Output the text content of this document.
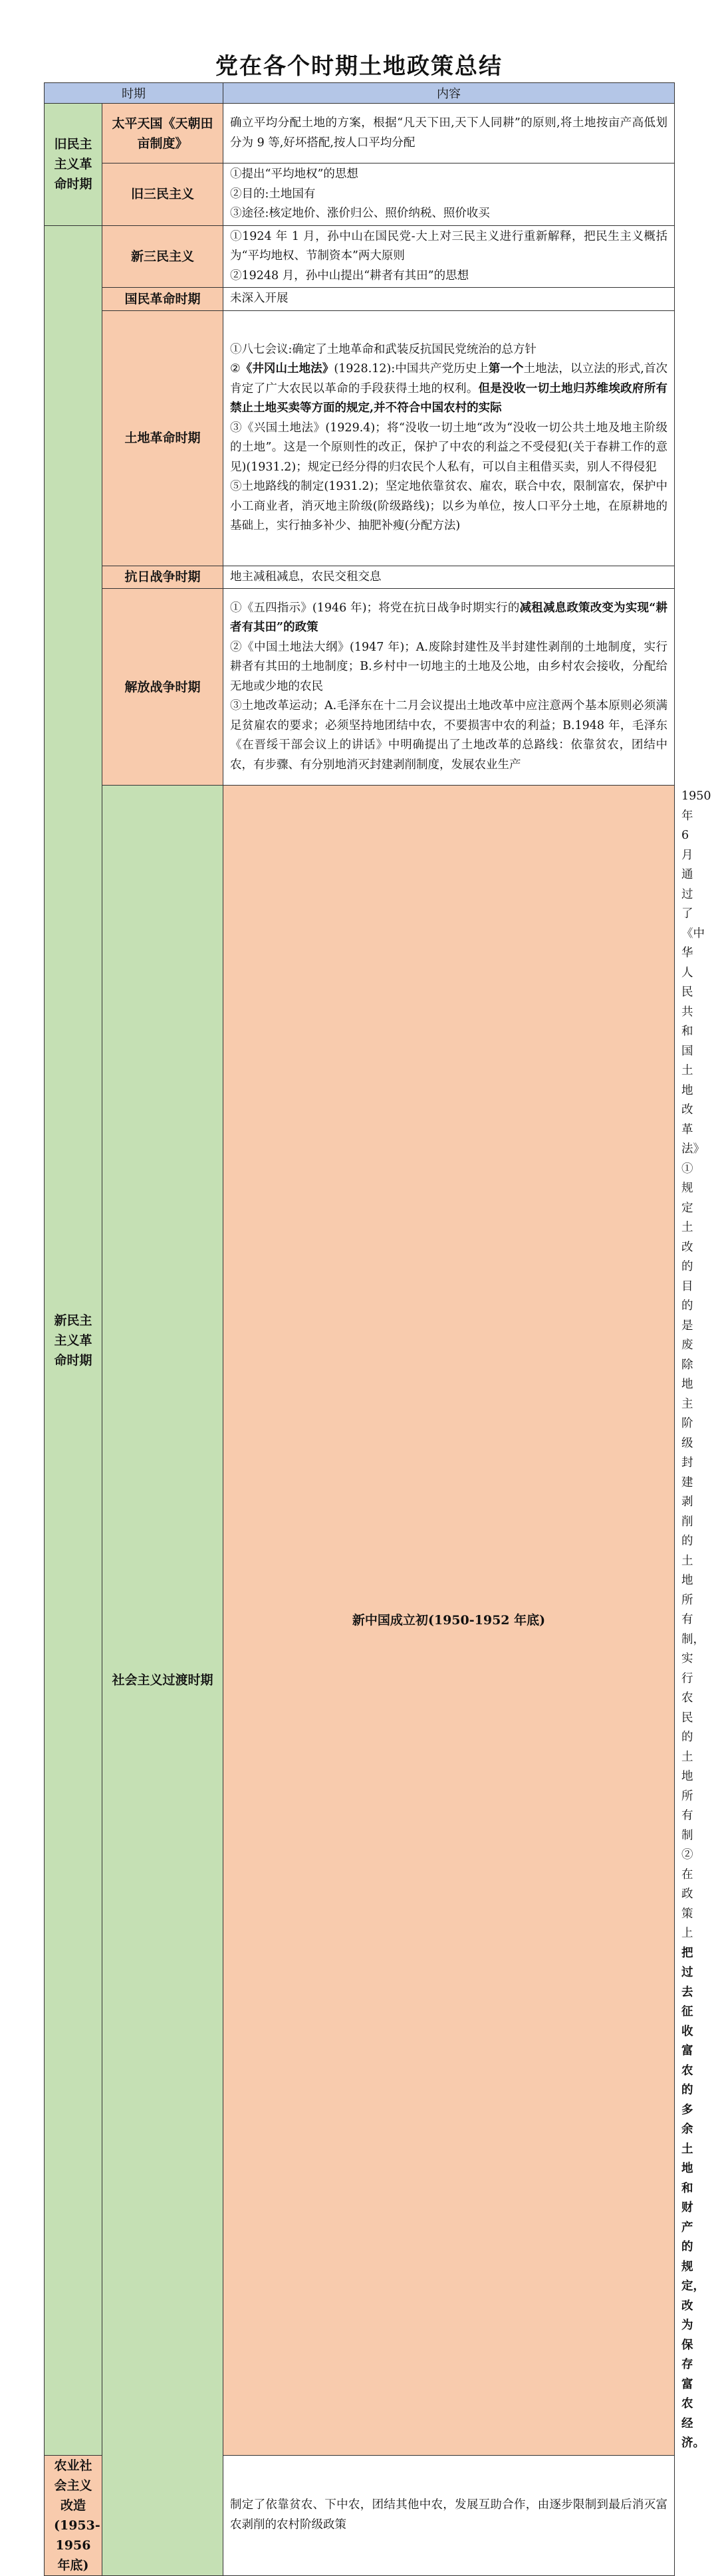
党在各个时期土地政策总结
时期		内容	
旧民主主义革命时期	太平天国《天朝田亩制度》	确立平均分配土地的方案，根据“凡天下田,天下人同耕”的原则,将土地按亩产高低划分为 9 等,好坏搭配,按人口平均分配	

	旧三民主义	①提出“平均地权”的思想

②目的:土地国有

③途径:核定地价、涨价归公、照价纳税、照价收买	

新民主主义革命时期	新三民主义	①1924 年 1 月，孙中山在国民党-大上对三民主义进行重新解释，把民生主义概括为“平均地权、节制资本”两大原则

②19248 月，孙中山提出“耕者有其田”的思想	

	国民革命时期	未深入开展	

	土地革命时期	①八七会议:确定了土地革命和武装反抗国民党统治的总方针

②《井冈山土地法》(1928.12):中国共产党历史上第一个土地法，以立法的形式,首次肯定了广大农民以革命的手段获得土地的权利。但是没收一切土地归苏维埃政府所有禁止土地买卖等方面的规定,并不符合中国农村的实际

③《兴国土地法》(1929.4)；将“没收一切土地“改为“没收一切公共土地及地主阶级的土地”。这是一个原则性的改正，保护了中农的利益之不受侵犯(关于春耕工作的意见)(1931.2)；规定已经分得的归农民个人私有，可以自主租借买卖，别人不得侵犯

⑤土地路线的制定(1931.2)；坚定地依靠贫农、雇农，联合中农，限制富农，保护中小工商业者，消灭地主阶级(阶级路线)；以乡为单位，按人口平分土地，在原耕地的基础上，实行抽多补少、抽肥补瘦(分配方法)	

	抗日战争时期	地主减租减息，农民交租交息	

	解放战争时期	①《五四指示》(1946 年)；将党在抗日战争时期实行的减租减息政策改变为实现“耕者有其田”的政策

②《中国土地法大纲》(1947 年)；A.废除封建性及半封建性剥削的土地制度，实行耕者有其田的土地制度；B.乡村中一切地主的土地及公地，由乡村农会接收，分配给无地或少地的农民

③土地改革运动；A.毛泽东在十二月会议提出土地改革中应注意两个基本原则必须满足贫雇农的要求；必须坚持地团结中农，不要损害中农的利益；B.1948 年，毛泽东《在晋绥干部会议上的讲话》中明确提出了土地改革的总路线：依靠贫农，团结中农，有步骤、有分别地消灭封建剥削制度，发展农业生产	

	社会主义过渡时期	新中国成立初(1950-1952 年底)	1950 年 6 月通过了《中华人民共和国土地改革法》

①规定土改的目的是废除地主阶级封建剥削的土地所有制，实行农民的土地所有制

②在政策上把过去征收富农的多余土地和财产的规定，改为保存富农经济。

农业社会主义改造(1953-1956 年底)		制定了依靠贫农、下中农，团结其他中农，发展互助合作，由逐步限制到最后消灭富农剥削的农村阶级政策	
